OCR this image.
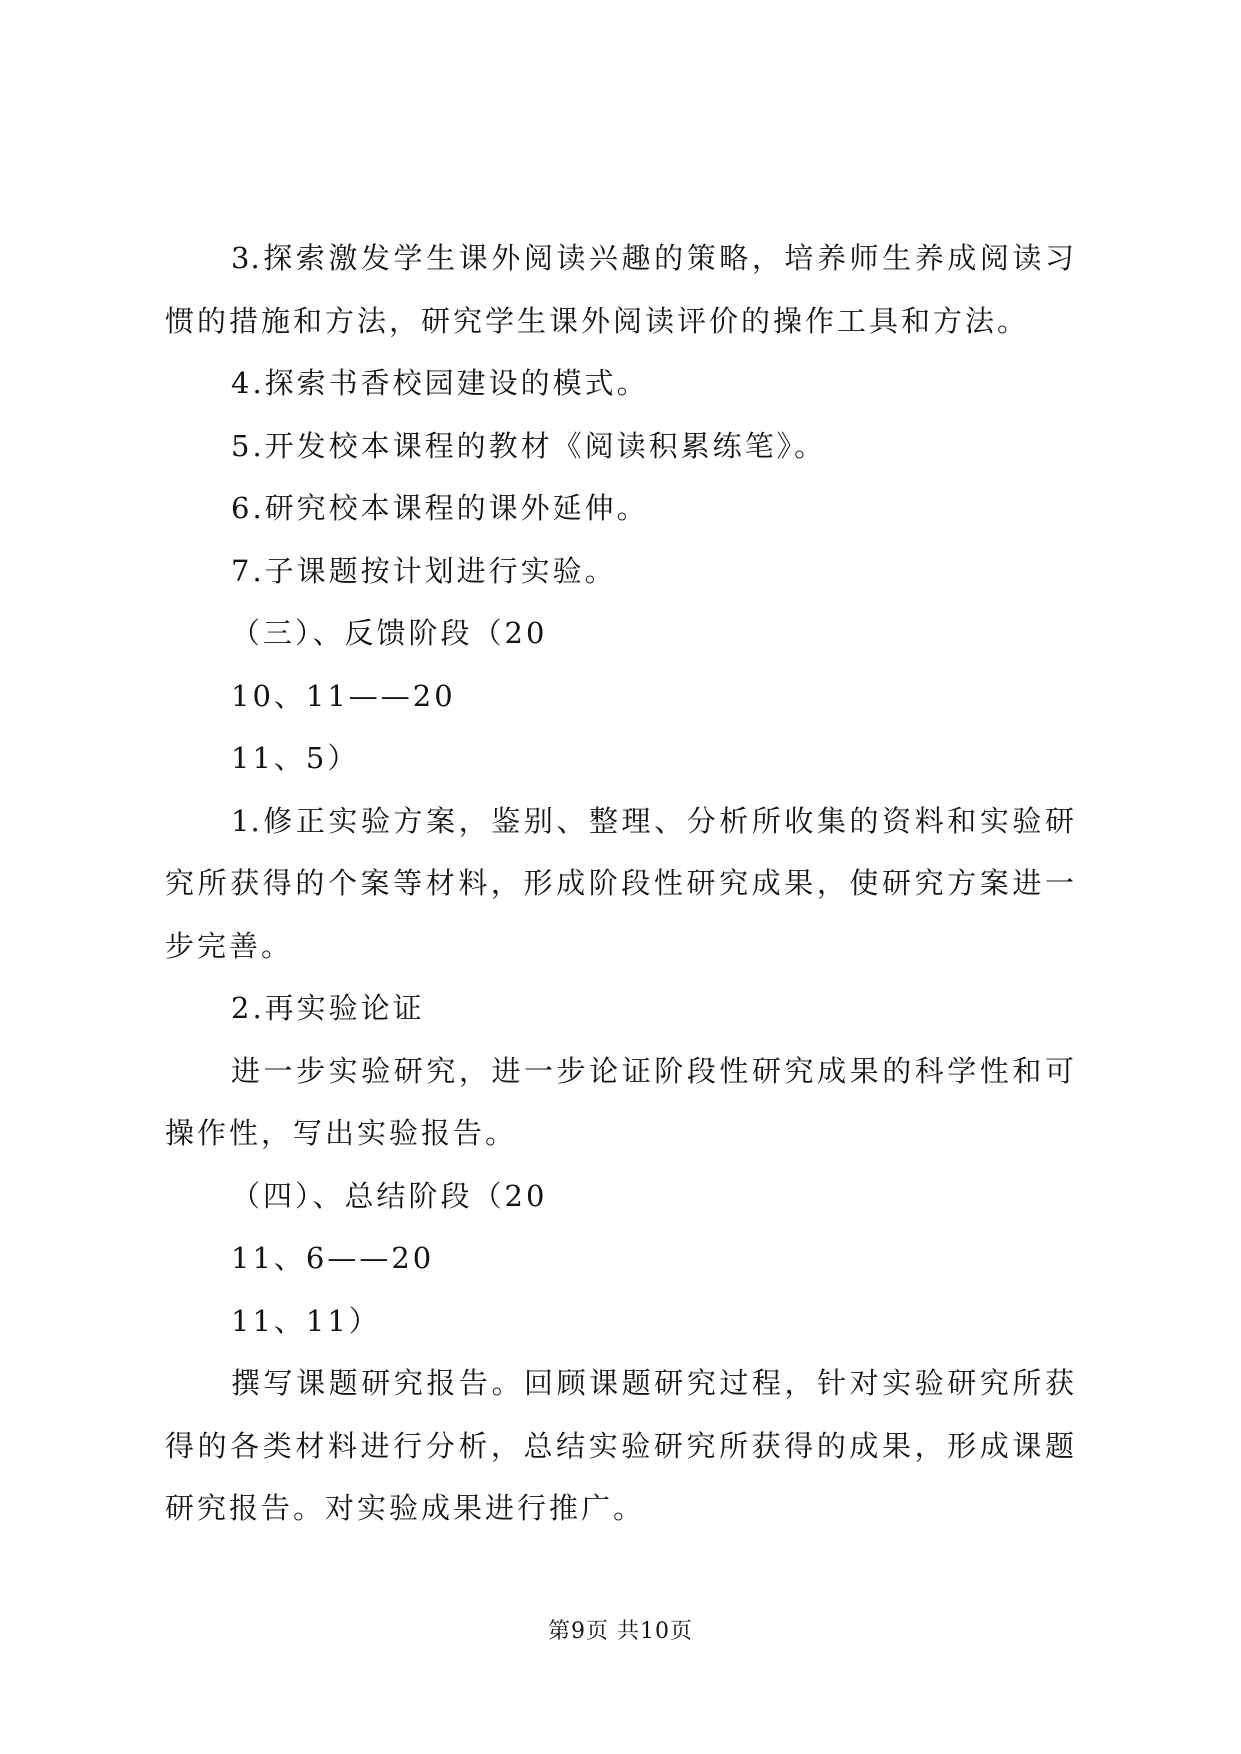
3.探索激发学生课外阅读兴趣的策略，培养师生养成阅读习
惯的措施和方法，研究学生课外阅读评价的操作工具和方法。
4.探索书香校园建设的模式。
5.开发校本课程的教材《阅读积累练笔》。
6.研究校本课程的课外延伸。
7.子课题按计划进行实验。
（三）、反馈阶段（20
10、11——20
11、5）
1.修正实验方案，鉴别、整理、分析所收集的资料和实验研
究所获得的个案等材料，形成阶段性研究成果，使研究方案进一
步完善。
2.再实验论证
进一步实验研究，进一步论证阶段性研究成果的科学性和可
操作性，写出实验报告。
（四）、总结阶段（20
11、6——20
11、11）
撰写课题研究报告。回顾课题研究过程，针对实验研究所获
得的各类材料进行分析，总结实验研究所获得的成果，形成课题
研究报告。对实验成果进行推广。
第9页 共10页
